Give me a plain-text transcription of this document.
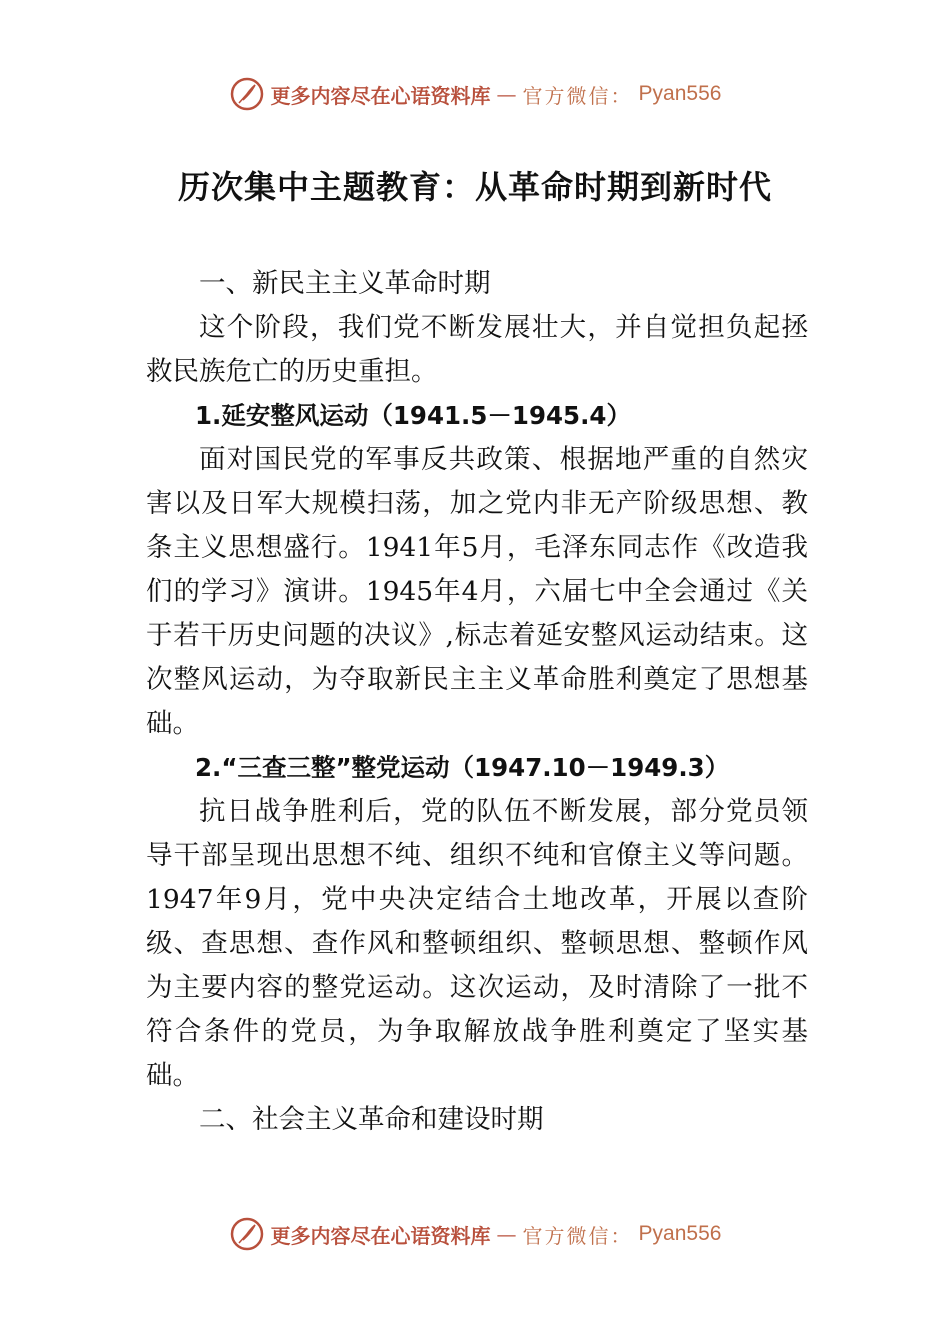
更多内容尽在心语资料库 — 官方微信： Pyan556
历次集中主题教育：从革命时期到新时代

一、新民主主义革命时期

这个阶段，我们党不断发展壮大，并自觉担负起拯救民族危亡的历史重担。

1.延安整风运动（1941.5－1945.4）

面对国民党的军事反共政策、根据地严重的自然灾害以及日军大规模扫荡，加之党内非无产阶级思想、教条主义思想盛行。1941年5月，毛泽东同志作《改造我们的学习》演讲。1945年4月，六届七中全会通过《关于若干历史问题的决议》,标志着延安整风运动结束。这次整风运动，为夺取新民主主义革命胜利奠定了思想基础。

2.“三查三整”整党运动（1947.10－1949.3）

抗日战争胜利后，党的队伍不断发展，部分党员领导干部呈现出思想不纯、组织不纯和官僚主义等问题。1947年9月，党中央决定结合土地改革，开展以查阶级、查思想、查作风和整顿组织、整顿思想、整顿作风为主要内容的整党运动。这次运动，及时清除了一批不符合条件的党员，为争取解放战争胜利奠定了坚实基础。

二、社会主义革命和建设时期

更多内容尽在心语资料库 — 官方微信： Pyan556
